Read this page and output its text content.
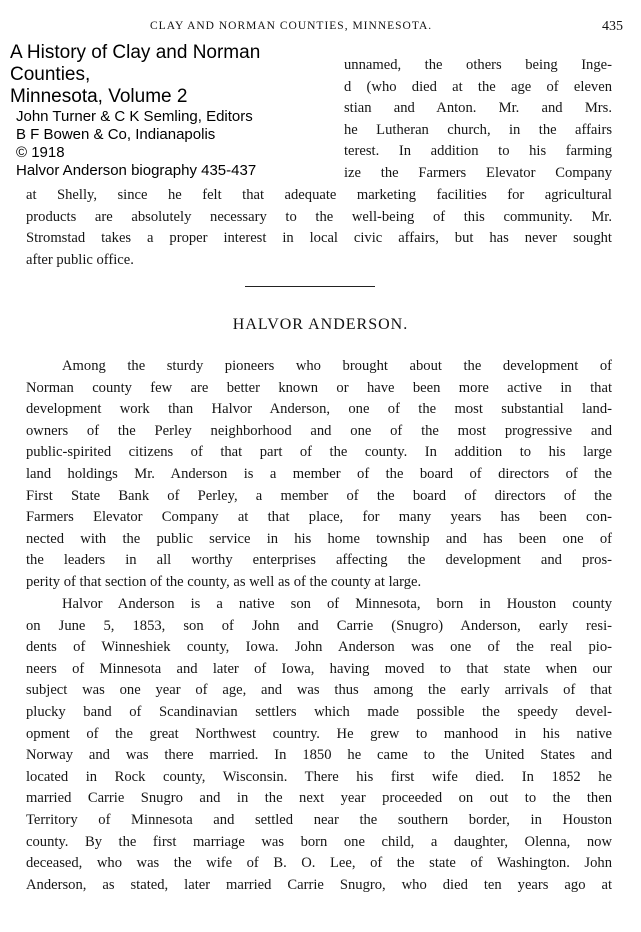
CLAY AND NORMAN COUNTIES, MINNESOTA.	435

A History of Clay and Norman Counties,

Minnesota, Volume 2

John Turner & C K Semling, Editors

B F Bowen & Co, Indianapolis

© 1918

Halvor Anderson biography 435-437

unnamed, the others being Inge-
d (who died at the age of eleven
stian and Anton. Mr. and Mrs.
he Lutheran church, in the affairs
terest. In addition to his farming
ize the Farmers Elevator Company
at Shelly, since he felt that adequate marketing facilities for agricultural
products are absolutely necessary to the well-being of this community. Mr.
Stromstad takes a proper interest in local civic affairs, but has never sought
after public office.
HALVOR ANDERSON.
Among the sturdy pioneers who brought about the development of
Norman county few are better known or have been more active in that
development work than Halvor Anderson, one of the most substantial land-
owners of the Perley neighborhood and one of the most progressive and
public-spirited citizens of that part of the county. In addition to his large
land holdings Mr. Anderson is a member of the board of directors of the
First State Bank of Perley, a member of the board of directors of the
Farmers Elevator Company at that place, for many years has been con-
nected with the public service in his home township and has been one of
the leaders in all worthy enterprises affecting the development and pros-
perity of that section of the county, as well as of the county at large.
Halvor Anderson is a native son of Minnesota, born in Houston county
on June 5, 1853, son of John and Carrie (Snugro) Anderson, early resi-
dents of Winneshiek county, Iowa. John Anderson was one of the real pio-
neers of Minnesota and later of Iowa, having moved to that state when our
subject was one year of age, and was thus among the early arrivals of that
plucky band of Scandinavian settlers which made possible the speedy devel-
opment of the great Northwest country. He grew to manhood in his native
Norway and was there married. In 1850 he came to the United States and
located in Rock county, Wisconsin. There his first wife died. In 1852 he
married Carrie Snugro and in the next year proceeded on out to the then
Territory of Minnesota and settled near the southern border, in Houston
county. By the first marriage was born one child, a daughter, Olenna, now
deceased, who was the wife of B. O. Lee, of the state of Washington. John
Anderson, as stated, later married Carrie Snugro, who died ten years ago at
